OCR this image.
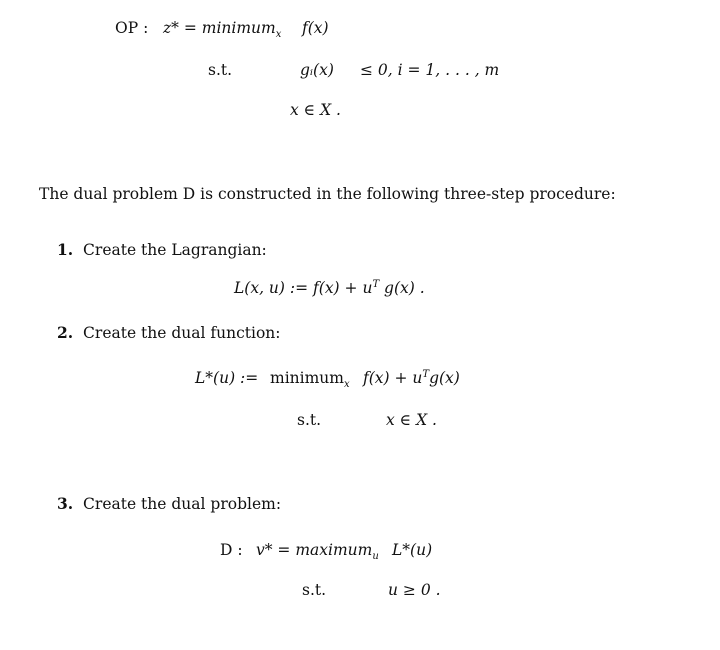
OP : z* = minimum$_x$ f(x)
s.t.	gᵢ(x) ≤ 0, i = 1, . . . , m
x ∈ X .
The dual problem D is constructed in the following three-step procedure:
1. Create the Lagrangian:
L(x, u) := $f(x) + u^T$ g(x) .
2. Create the dual function:
L*(u) := minimum$_x$ $f(x) + u^Tg(x)$
s.t.	x ∈ X .
3. Create the dual problem:
D : v* = maximum$_u$ L*(u)
s.t.	u ≥ 0 .
